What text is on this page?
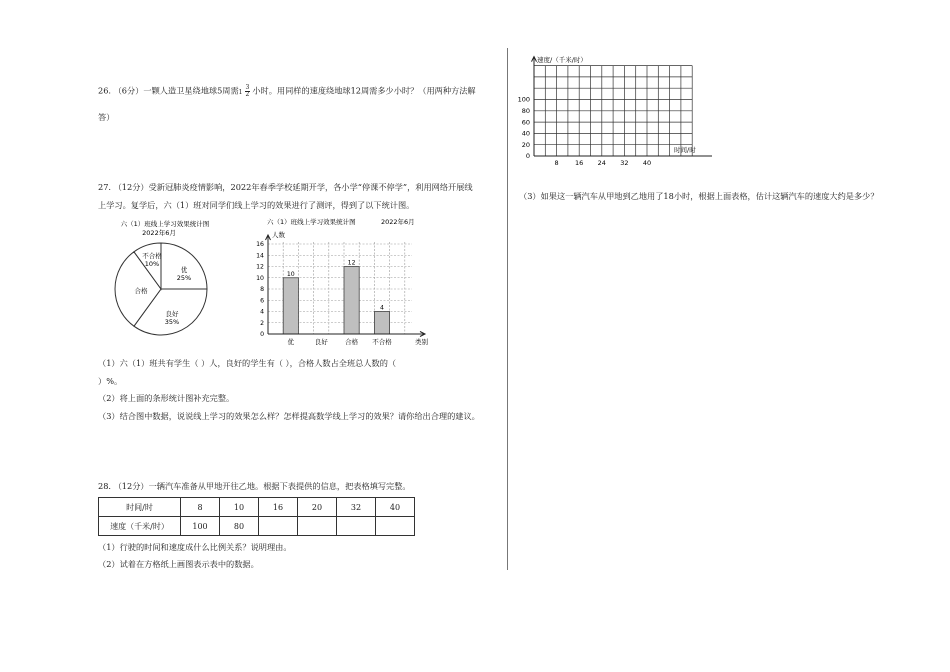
26. （6分）一颗人造卫星绕地球5周需$1 \frac{3}{2}$ 小时。用同样的速度绕地球12周需多少小时？（用两种方法解
答）
27. （12分）受新冠肺炎疫情影响，2022年春季学校延期开学，各小学“停课不停学”，利用网络开展线
上学习。复学后，六（1）班对同学们线上学习的效果进行了测评，得到了以下统计图。
六（1）班线上学习效果统计图
2022年6月
优
25%
良好
35%
合格
不合格
10%
六（1）班线上学习效果统计图	2022年6月
人数
类别
10
12
4
0
2
4
6
8
10
12
14
16
优	良好	合格 不合格
（1）六（1）班共有学生（ ）人，良好的学生有（ ），合格人数占全班总人数的（
）%。
（2）将上面的条形统计图补充完整。
（3）结合图中数据，说说线上学习的效果怎么样？怎样提高数学线上学习的效果？请你给出合理的建议。
28. （12分）一辆汽车准备从甲地开往乙地。根据下表提供的信息，把表格填写完整。
时间/时	8	10	16	20	32	40
速度（千米/时）	100	80				
（1）行驶的时间和速度成什么比例关系？说明理由。
（2）试着在方格纸上画图表示表中的数据。
速度/（千米/时）
时间/时
0
20
40
60
80
100
8	16 24 32 40
（3）如果这一辆汽车从甲地到乙地用了18小时，根据上面表格，估计这辆汽车的速度大约是多少？
